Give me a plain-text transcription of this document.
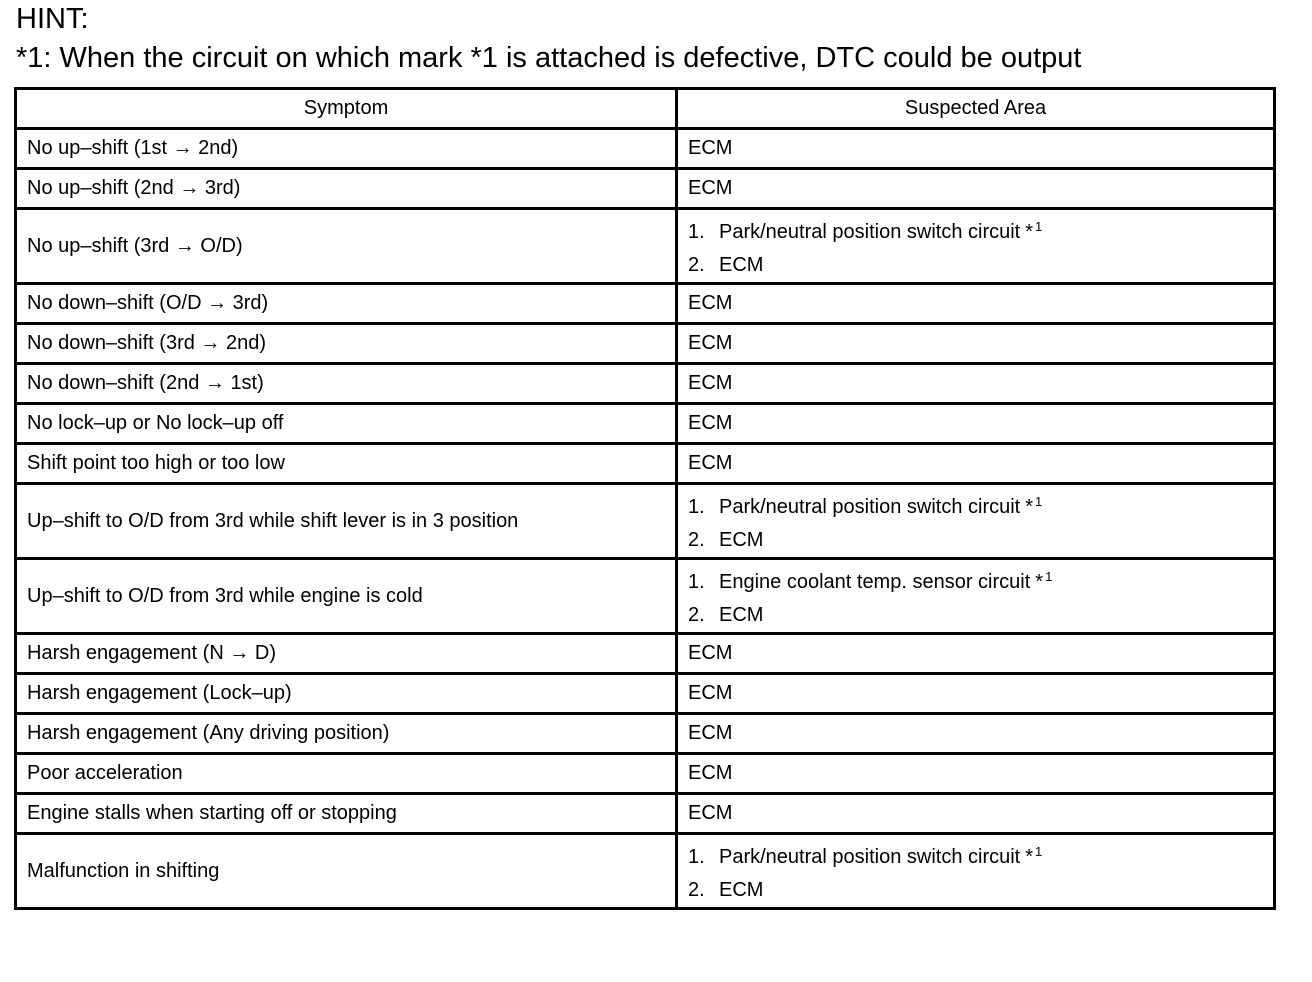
HINT:
*1: When the circuit on which mark *1 is attached is defective, DTC could be output
Symptom	Suspected Area
No up–shift (1st → 2nd)	ECM
No up–shift (2nd → 3rd)	ECM
No up–shift (3rd → O/D)	1. Park/neutral position switch circuit * $^1$
2. ECM

No down–shift (O/D → 3rd)	ECM
No down–shift (3rd → 2nd)	ECM
No down–shift (2nd → 1st)	ECM
No lock–up or No lock–up off	ECM
Shift point too high or too low	ECM
Up–shift to O/D from 3rd while shift lever is in 3 position	1. Park/neutral position switch circuit * $^1$
2. ECM

Up–shift to O/D from 3rd while engine is cold	1. Engine coolant temp. sensor circuit * $^1$
2. ECM

Harsh engagement (N → D)	ECM
Harsh engagement (Lock–up)	ECM
Harsh engagement (Any driving position)	ECM
Poor acceleration	ECM
Engine stalls when starting off or stopping	ECM
Malfunction in shifting	1. Park/neutral position switch circuit * $^1$
2. ECM
